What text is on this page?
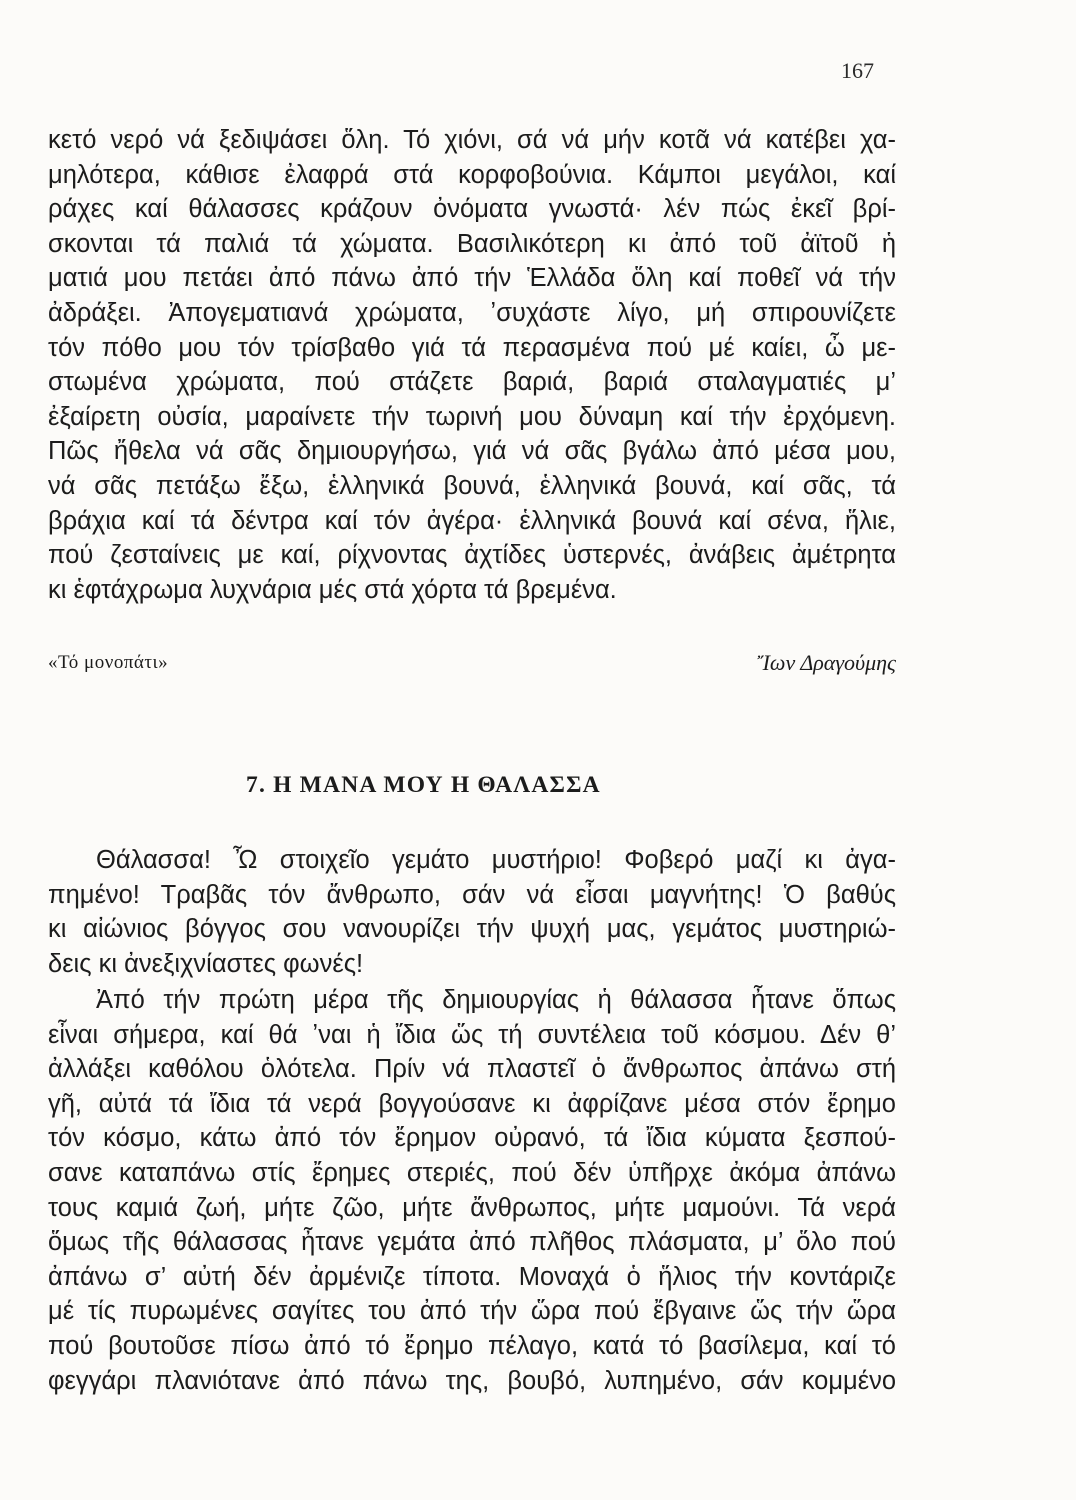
167
κετό νερό νά ξεδιψάσει ὅλη. Τό χιόνι, σά νά μήν κοτᾶ νά κατέβει χα-
μηλότερα, κάθισε ἐλαφρά στά κορφοβούνια. Κάμποι μεγάλοι, καί
ράχες καί θάλασσες κράζουν ὀνόματα γνωστά· λέν πώς ἐκεῖ βρί-
σκονται τά παλιά τά χώματα. Βασιλικότερη κι ἀπό τοῦ ἀϊτοῦ ἡ
ματιά μου πετάει ἀπό πάνω ἀπό τήν Ἑλλάδα ὅλη καί ποθεῖ νά τήν
ἀδράξει. Ἀπογεματιανά χρώματα, ʼσυχάστε λίγο, μή σπιρουνίζετε
τόν πόθο μου τόν τρίσβαθο γιά τά περασμένα πού μέ καίει, ὦ με-
στωμένα χρώματα, πού στάζετε βαριά, βαριά σταλαγματιές μ’
ἐξαίρετη οὐσία, μαραίνετε τήν τωρινή μου δύναμη καί τήν ἐρχόμενη.
Πῶς ἤθελα νά σᾶς δημιουργήσω, γιά νά σᾶς βγάλω ἀπό μέσα μου,
νά σᾶς πετάξω ἔξω, ἑλληνικά βουνά, ἑλληνικά βουνά, καί σᾶς, τά
βράχια καί τά δέντρα καί τόν ἀγέρα· ἑλληνικά βουνά καί σένα, ἥλιε,
πού ζεσταίνεις με καί, ρίχνοντας ἀχτίδες ὑστερνές, ἀνάβεις ἀμέτρητα
κι ἑφτάχρωμα λυχνάρια μές στά χόρτα τά βρεμένα.
«Τό μονοπάτι»	Ἴων Δραγούμης
7. Η ΜΑΝΑ ΜΟΥ Η ΘΑΛΑΣΣΑ
Θάλασσα! Ὦ στοιχεῖο γεμάτο μυστήριο! Φοβερό μαζί κι ἀγα-
πημένο! Τραβᾶς τόν ἄνθρωπο, σάν νά εἶσαι μαγνήτης! Ὁ βαθύς
κι αἰώνιος βόγγος σου νανουρίζει τήν ψυχή μας, γεμάτος μυστηριώ-
δεις κι ἀνεξιχνίαστες φωνές!
Ἀπό τήν πρώτη μέρα τῆς δημιουργίας ἡ θάλασσα ἦτανε ὅπως
εἶναι σήμερα, καί θά ʼναι ἡ ἴδια ὥς τή συντέλεια τοῦ κόσμου. Δέν θ’
ἀλλάξει καθόλου ὁλότελα. Πρίν νά πλαστεῖ ὁ ἄνθρωπος ἀπάνω στή
γῆ, αὐτά τά ἴδια τά νερά βογγούσανε κι ἀφρίζανε μέσα στόν ἔρημο
τόν κόσμο, κάτω ἀπό τόν ἔρημον οὐρανό, τά ἴδια κύματα ξεσπού-
σανε καταπάνω στίς ἔρημες στεριές, πού δέν ὑπῆρχε ἀκόμα ἀπάνω
τους καμιά ζωή, μήτε ζῶο, μήτε ἄνθρωπος, μήτε μαμούνι. Τά νερά
ὅμως τῆς θάλασσας ἦτανε γεμάτα ἀπό πλῆθος πλάσματα, μ’ ὅλο πού
ἀπάνω σ’ αὐτή δέν ἀρμένιζε τίποτα. Μοναχά ὁ ἥλιος τήν κοντάριζε
μέ τίς πυρωμένες σαγίτες του ἀπό τήν ὥρα πού ἔβγαινε ὥς τήν ὥρα
πού βουτοῦσε πίσω ἀπό τό ἔρημο πέλαγο, κατά τό βασίλεμα, καί τό
φεγγάρι πλανιότανε ἀπό πάνω της, βουβό, λυπημένο, σάν κομμένο
